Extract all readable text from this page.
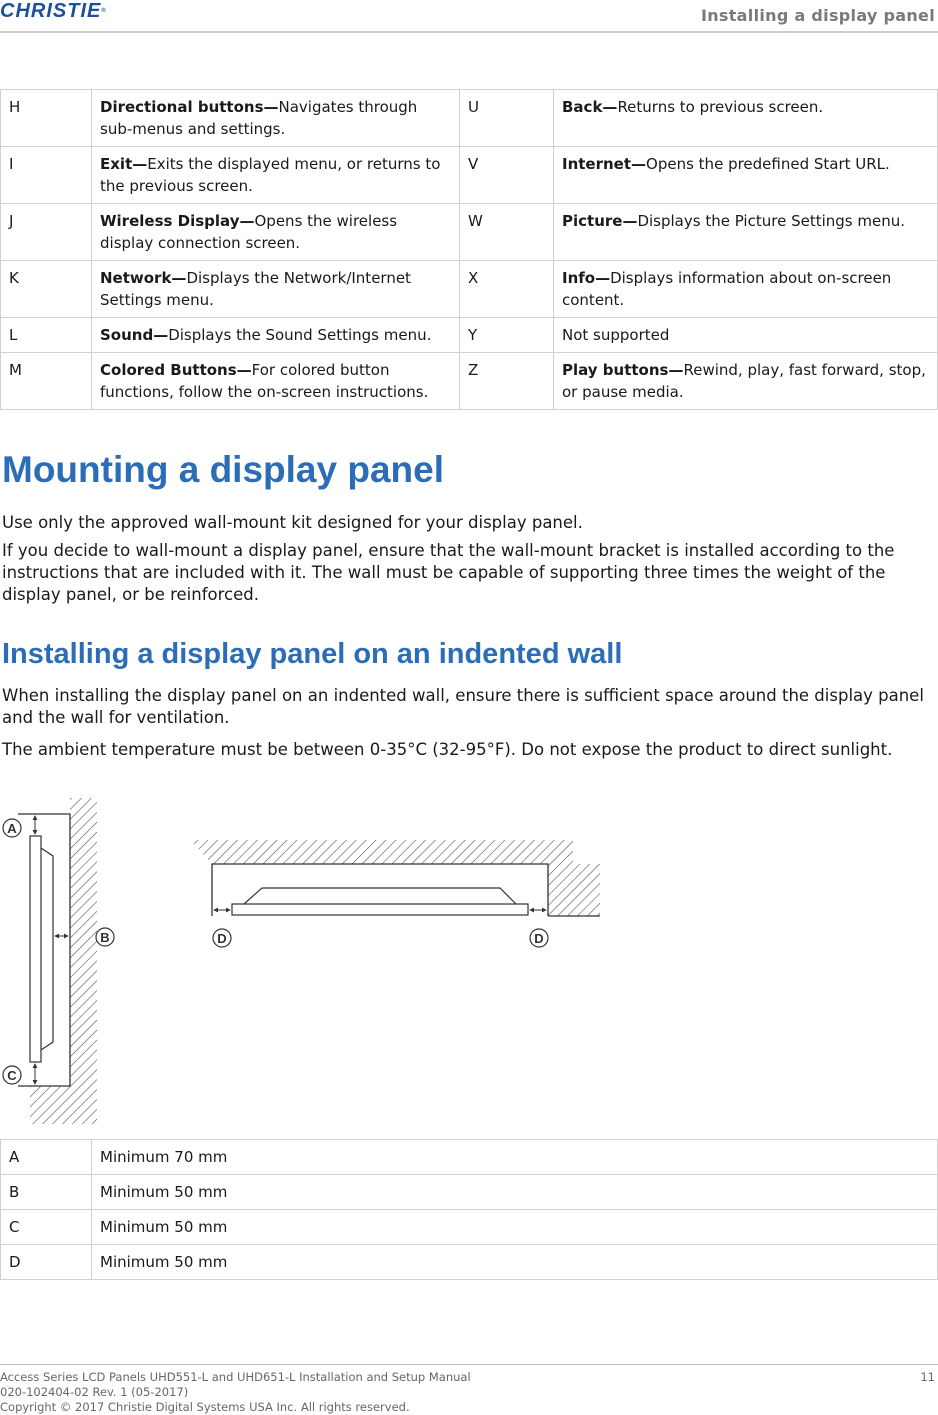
CHRISTIE®	Installing a display panel
H	Directional buttons—Navigates through sub-menus and settings.	U	Back—Returns to previous screen.
I	Exit—Exits the displayed menu, or returns to the previous screen.	V	Internet—Opens the predefined Start URL.
J	Wireless Display—Opens the wireless display connection screen.	W	Picture—Displays the Picture Settings menu.
K	Network—Displays the Network/Internet Settings menu.	X	Info—Displays information about on-screen content.
L	Sound—Displays the Sound Settings menu.	Y	Not supported
M	Colored Buttons—For colored button functions, follow the on-screen instructions.	Z	Play buttons—Rewind, play, fast forward, stop, or pause media.
Mounting a display panel

Use only the approved wall-mount kit designed for your display panel.

If you decide to wall-mount a display panel, ensure that the wall-mount bracket is installed according to the instructions that are included with it. The wall must be capable of supporting three times the weight of the display panel, or be reinforced.

Installing a display panel on an indented wall

When installing the display panel on an indented wall, ensure there is sufficient space around the display panel and the wall for ventilation.

The ambient temperature must be between 0-35°C (32-95°F). Do not expose the product to direct sunlight.

A
B
C
D	D
A	Minimum 70 mm
B	Minimum 50 mm
C	Minimum 50 mm
D	Minimum 50 mm
Access Series LCD Panels UHD551-L and UHD651-L Installation and Setup Manual
020-102404-02 Rev. 1 (05-2017)
Copyright © 2017 Christie Digital Systems USA Inc. All rights reserved.
11
